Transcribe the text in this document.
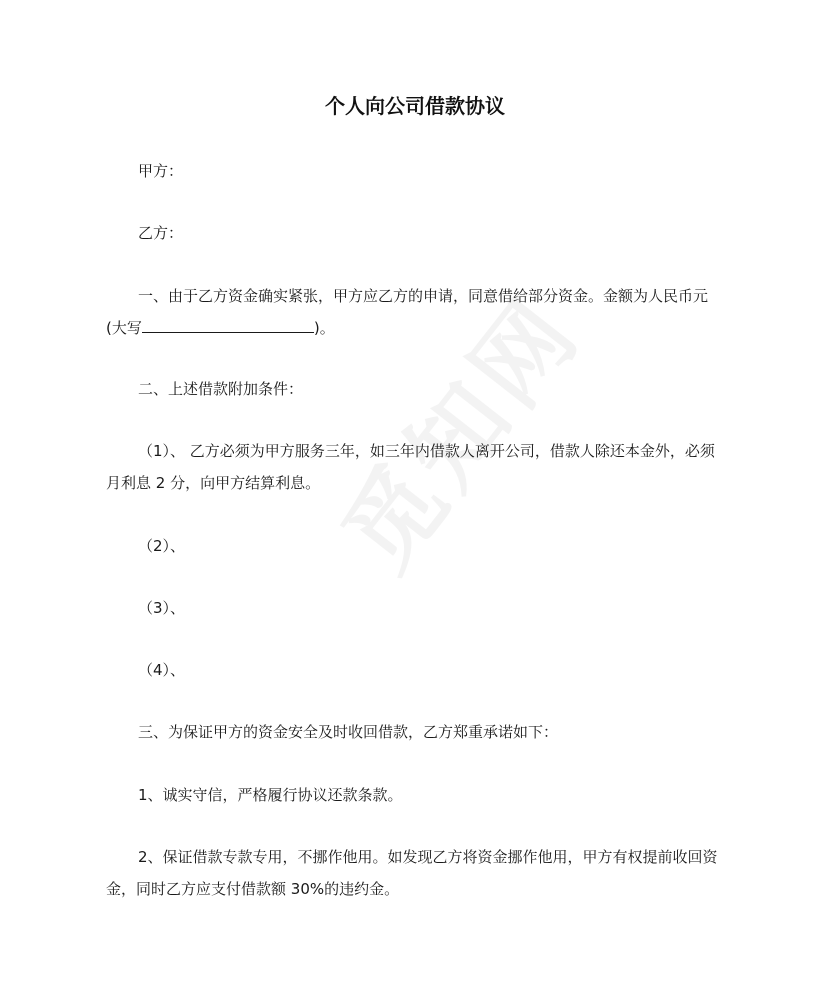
个人向公司借款协议

甲方：

乙方：

一、由于乙方资金确实紧张，甲方应乙方的申请，同意借给部分资金。金额为人民币元(大写	)。

二、上述借款附加条件：

（1）、 乙方必须为甲方服务三年，如三年内借款人离开公司，借款人除还本金外，必须月利息 2 分，向甲方结算利息。

（2）、

（3）、

（4）、

三、为保证甲方的资金安全及时收回借款，乙方郑重承诺如下：

1、诚实守信，严格履行协议还款条款。

2、保证借款专款专用，不挪作他用。如发现乙方将资金挪作他用，甲方有权提前收回资金，同时乙方应支付借款额 30%的违约金。
